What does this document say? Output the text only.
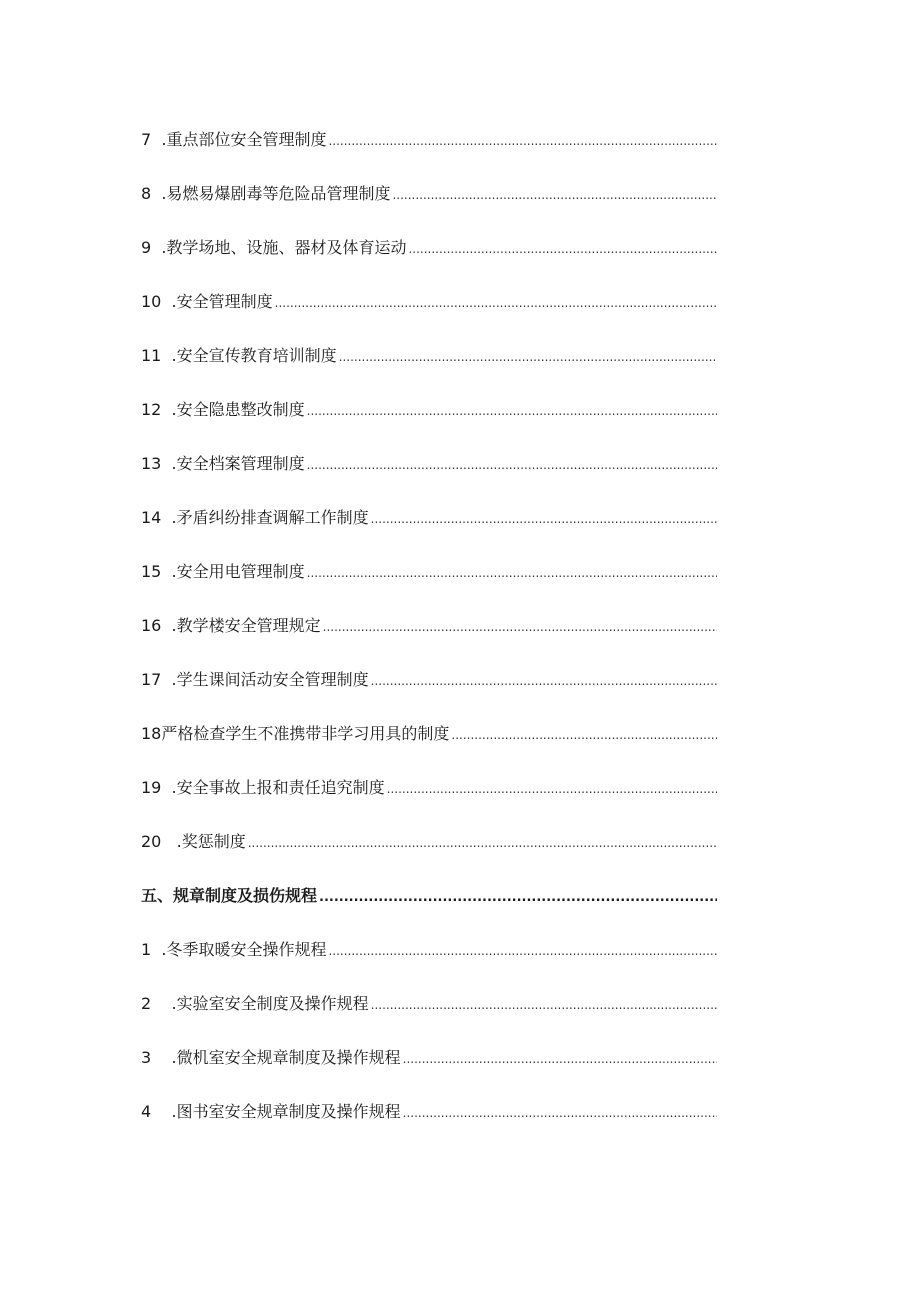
7 .重点部位安全管理制度
.....
8 .易燃易爆剧毒等危险品管理制度
.....
9 .教学场地、设施、器材及体育运动
.....
10 .安全管理制度
.....
11 .安全宣传教育培训制度
.....
12 .安全隐患整改制度
.....
13 .安全档案管理制度
.....
14 .矛盾纠纷排查调解工作制度
.....
15 .安全用电管理制度
.....
16 .教学楼安全管理规定
.....
17 .学生课间活动安全管理制度
.....
18 严格检查学生不准携带非学习用具的制度
.....
19 .安全事故上报和责任追究制度
.....
20 .奖惩制度
.....
五、 规章制度及损伤规程
.....
1 .冬季取暖安全操作规程
.....
2 .实验室安全制度及操作规程
.....
3 .微机室安全规章制度及操作规程
.....
4 .图书室安全规章制度及操作规程
.....
